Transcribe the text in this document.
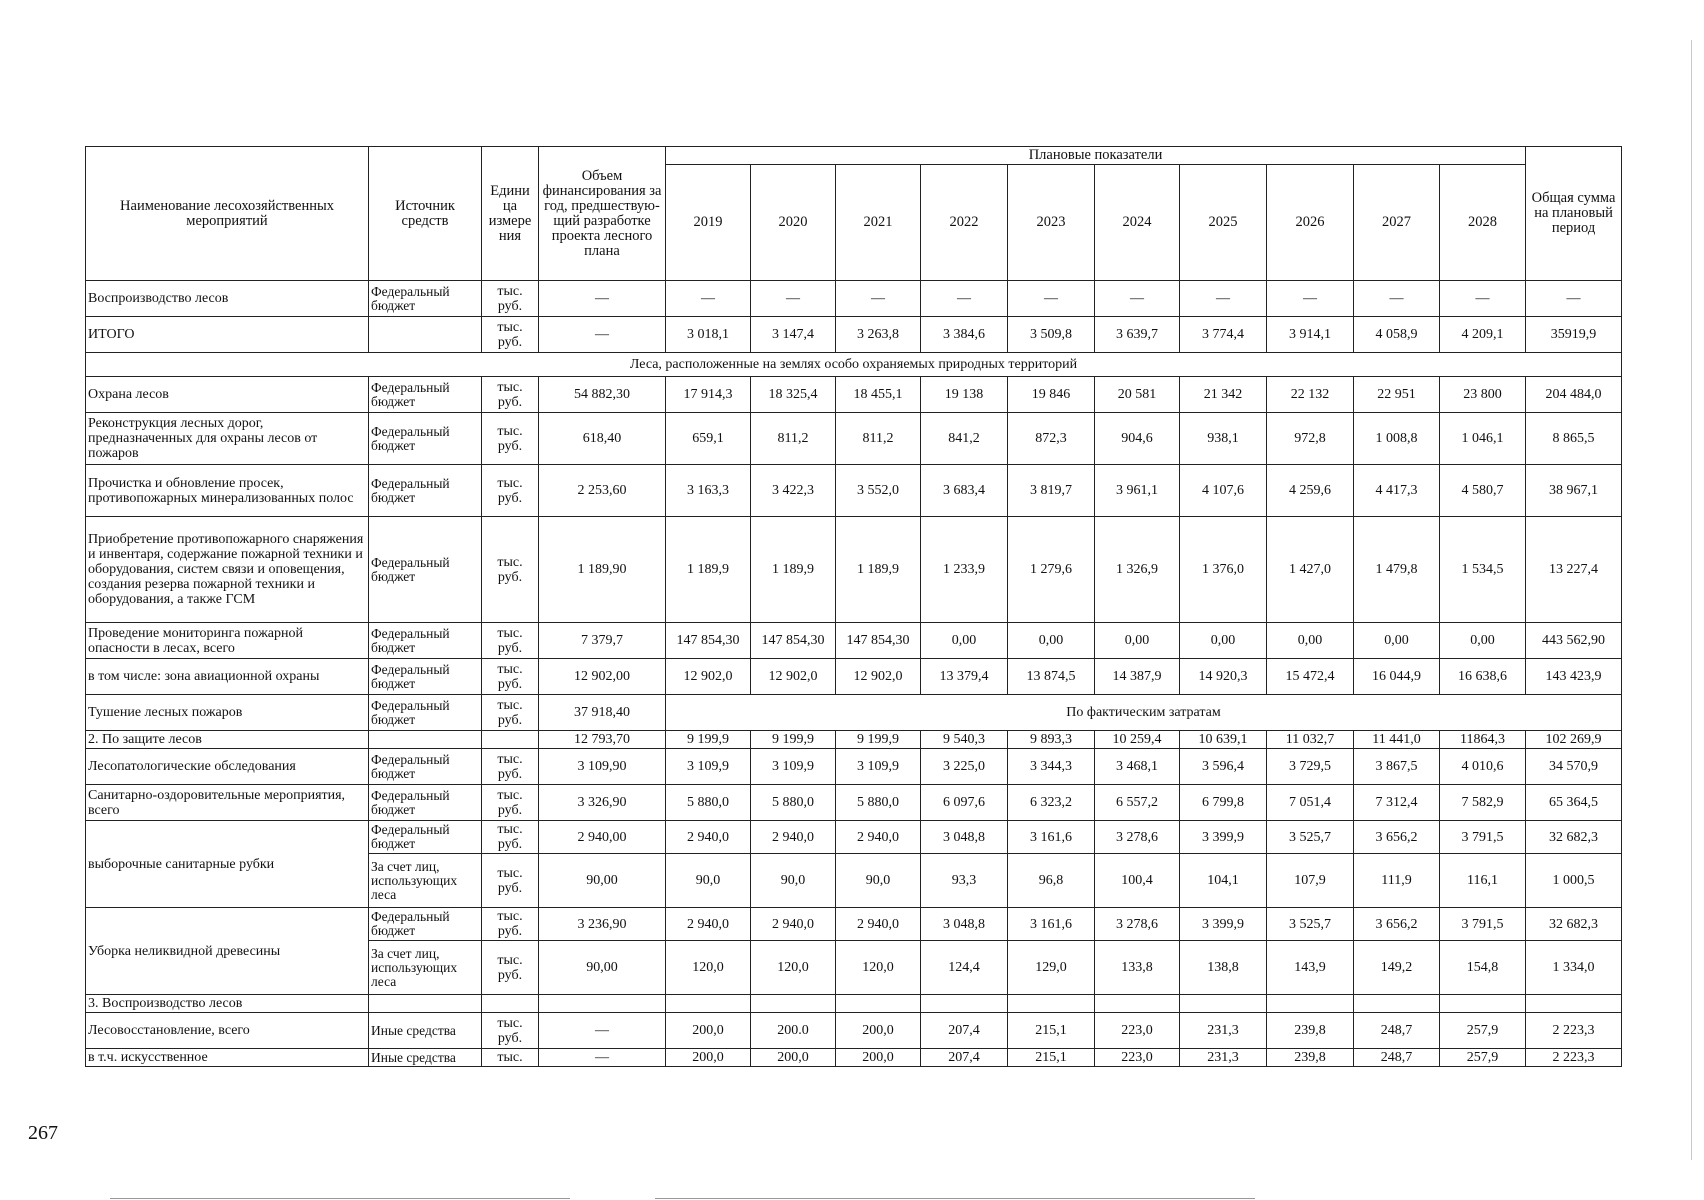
Наименование лесохозяйственных мероприятий	Источник средств	Едини ца измере ния	Объем финансирования за год, предшествую- щий разработке проекта лесного плана	Плановые показатели										Общая сумма на плановый период
				2019	2020	2021	2022	2023	2024	2025	2026	2027	2028	
Воспроизводство лесов	Федеральный бюджет	тыс. руб.	—	—	—	—	—	—	—	—	—	—	—	—
ИТОГО		тыс. руб.	—	3 018,1	3 147,4	3 263,8	3 384,6	3 509,8	3 639,7	3 774,4	3 914,1	4 058,9	4 209,1	35919,9
Леса, расположенные на землях особо охраняемых природных территорий														
Охрана лесов	Федеральный бюджет	тыс. руб.	54 882,30	17 914,3	18 325,4	18 455,1	19 138	19 846	20 581	21 342	22 132	22 951	23 800	204 484,0
Реконструкция лесных дорог, предназначенных для охраны лесов от пожаров	Федеральный бюджет	тыс. руб.	618,40	659,1	811,2	811,2	841,2	872,3	904,6	938,1	972,8	1 008,8	1 046,1	8 865,5
Прочистка и обновление просек, противопожарных минерализованных полос	Федеральный бюджет	тыс. руб.	2 253,60	3 163,3	3 422,3	3 552,0	3 683,4	3 819,7	3 961,1	4 107,6	4 259,6	4 417,3	4 580,7	38 967,1
Приобретение противопожарного снаряжения и инвентаря, содержание пожарной техники и оборудования, систем связи и оповещения, создания резерва пожарной техники и оборудования, а также ГСМ	Федеральный бюджет	тыс. руб.	1 189,90	1 189,9	1 189,9	1 189,9	1 233,9	1 279,6	1 326,9	1 376,0	1 427,0	1 479,8	1 534,5	13 227,4
Проведение мониторинга пожарной опасности в лесах, всего	Федеральный бюджет	тыс. руб.	7 379,7	147 854,30	147 854,30	147 854,30	0,00	0,00	0,00	0,00	0,00	0,00	0,00	443 562,90
в том числе: зона авиационной охраны	Федеральный бюджет	тыс. руб.	12 902,00	12 902,0	12 902,0	12 902,0	13 379,4	13 874,5	14 387,9	14 920,3	15 472,4	16 044,9	16 638,6	143 423,9
Тушение лесных пожаров	Федеральный бюджет	тыс. руб.	37 918,40	По фактическим затратам										
2. По защите лесов			12 793,70	9 199,9	9 199,9	9 199,9	9 540,3	9 893,3	10 259,4	10 639,1	11 032,7	11 441,0	11864,3	102 269,9
Лесопатологические обследования	Федеральный бюджет	тыс. руб.	3 109,90	3 109,9	3 109,9	3 109,9	3 225,0	3 344,3	3 468,1	3 596,4	3 729,5	3 867,5	4 010,6	34 570,9
Санитарно-оздоровительные мероприятия, всего	Федеральный бюджет	тыс. руб.	3 326,90	5 880,0	5 880,0	5 880,0	6 097,6	6 323,2	6 557,2	6 799,8	7 051,4	7 312,4	7 582,9	65 364,5
выборочные санитарные рубки	Федеральный бюджет	тыс. руб.	2 940,00	2 940,0	2 940,0	2 940,0	3 048,8	3 161,6	3 278,6	3 399,9	3 525,7	3 656,2	3 791,5	32 682,3
	За счет лиц, использующих леса	тыс. руб.	90,00	90,0	90,0	90,0	93,3	96,8	100,4	104,1	107,9	111,9	116,1	1 000,5
Уборка неликвидной древесины	Федеральный бюджет	тыс. руб.	3 236,90	2 940,0	2 940,0	2 940,0	3 048,8	3 161,6	3 278,6	3 399,9	3 525,7	3 656,2	3 791,5	32 682,3
	За счет лиц, использующих леса	тыс. руб.	90,00	120,0	120,0	120,0	124,4	129,0	133,8	138,8	143,9	149,2	154,8	1 334,0
3. Воспроизводство лесов														
Лесовосстановление, всего	Иные средства	тыс. руб.	—	200,0	200.0	200,0	207,4	215,1	223,0	231,3	239,8	248,7	257,9	2 223,3
в т.ч. искусственное	Иные средства	тыс.	—	200,0	200,0	200,0	207,4	215,1	223,0	231,3	239,8	248,7	257,9	2 223,3
267
